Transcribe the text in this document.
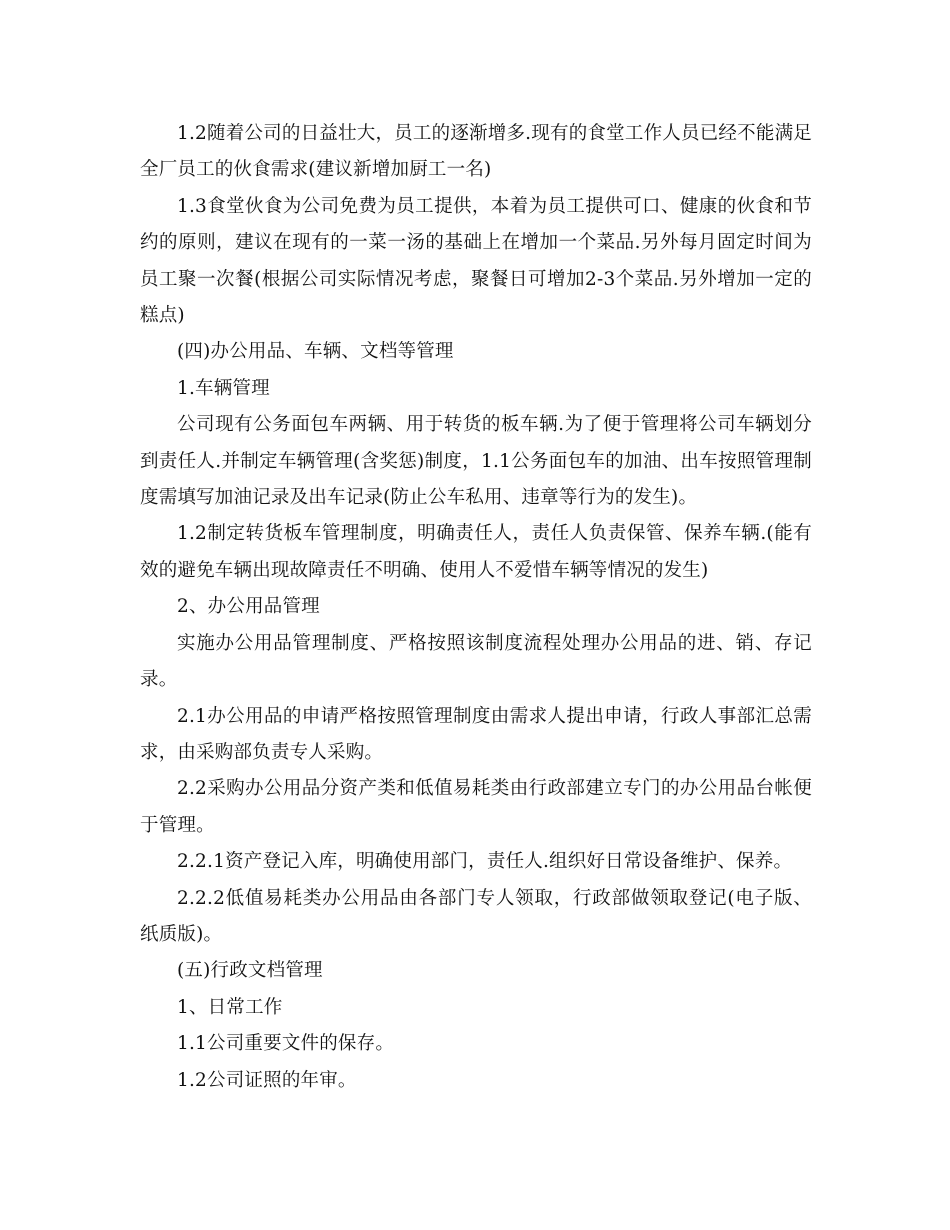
1.2随着公司的日益壮大，员工的逐渐增多.现有的食堂工作人员已经不能满足全厂员工的伙食需求(建议新增加厨工一名)

1.3食堂伙食为公司免费为员工提供，本着为员工提供可口、健康的伙食和节约的原则，建议在现有的一菜一汤的基础上在增加一个菜品.另外每月固定时间为员工聚一次餐(根据公司实际情况考虑，聚餐日可增加2-3个菜品.另外增加一定的糕点)

(四)办公用品、车辆、文档等管理

1.车辆管理

公司现有公务面包车两辆、用于转货的板车辆.为了便于管理将公司车辆划分到责任人.并制定车辆管理(含奖惩)制度，1.1公务面包车的加油、出车按照管理制度需填写加油记录及出车记录(防止公车私用、违章等行为的发生)。

1.2制定转货板车管理制度，明确责任人，责任人负责保管、保养车辆.(能有效的避免车辆出现故障责任不明确、使用人不爱惜车辆等情况的发生)

2、办公用品管理

实施办公用品管理制度、严格按照该制度流程处理办公用品的进、销、存记录。

2.1办公用品的申请严格按照管理制度由需求人提出申请，行政人事部汇总需求，由采购部负责专人采购。

2.2采购办公用品分资产类和低值易耗类由行政部建立专门的办公用品台帐便于管理。

2.2.1资产登记入库，明确使用部门，责任人.组织好日常设备维护、保养。

2.2.2低值易耗类办公用品由各部门专人领取，行政部做领取登记(电子版、纸质版)。

(五)行政文档管理

1、日常工作

1.1公司重要文件的保存。

1.2公司证照的年审。
